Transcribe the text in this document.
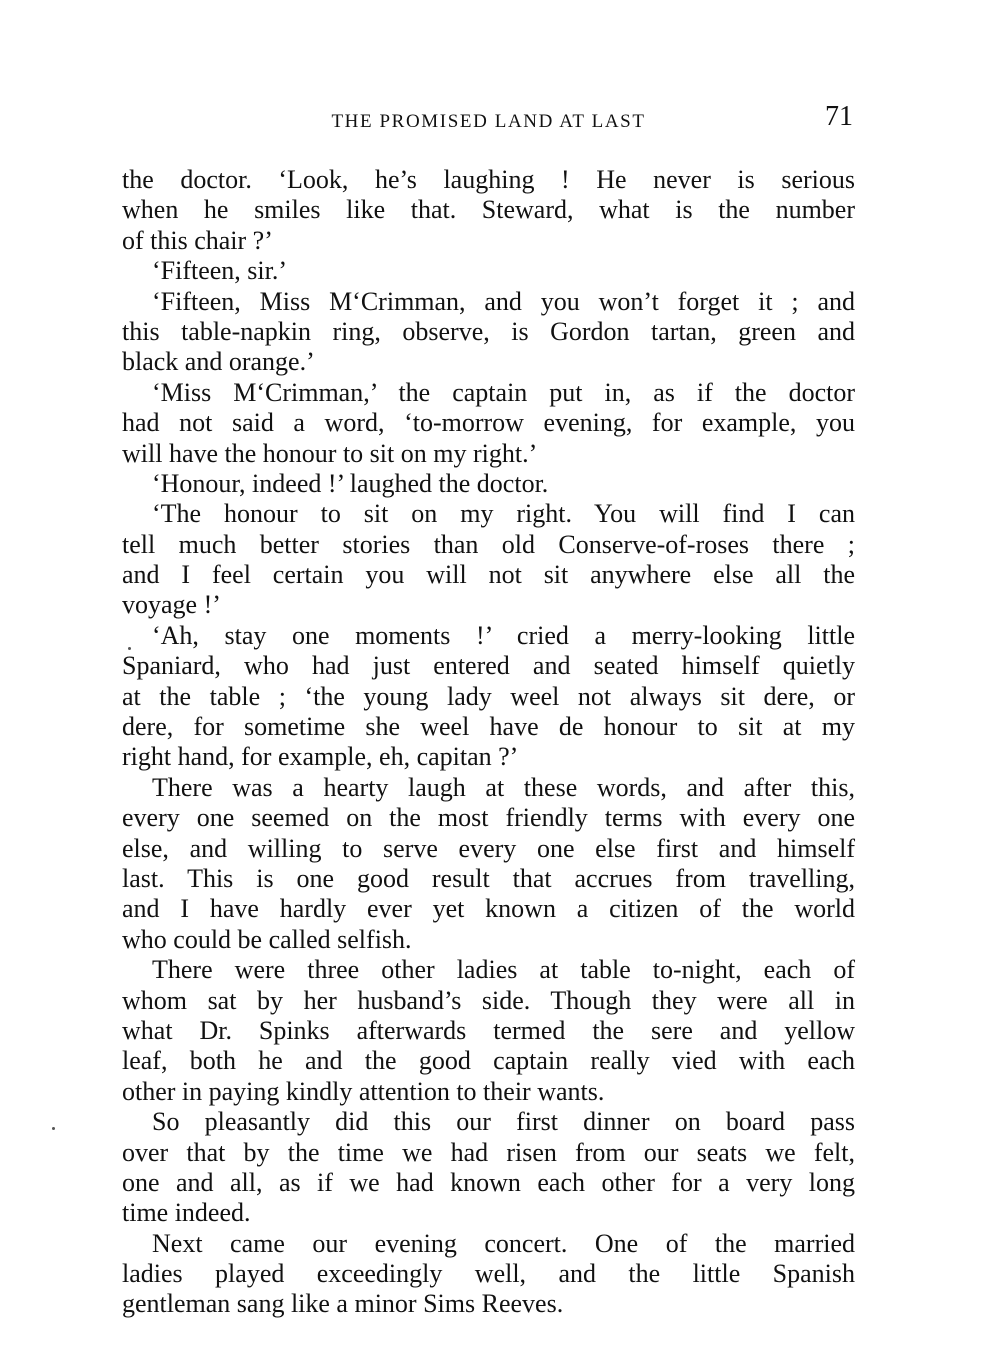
THE PROMISED LAND AT LAST	71
the doctor. ‘Look, he’s laughing ! He never is serious
when he smiles like that. Steward, what is the number
of this chair ?’
‘Fifteen, sir.’
‘Fifteen, Miss M‘Crimman, and you won’t forget it ; and
this table-napkin ring, observe, is Gordon tartan, green and
black and orange.’
‘Miss M‘Crimman,’ the captain put in, as if the doctor
had not said a word, ‘to-morrow evening, for example, you
will have the honour to sit on my right.’
‘Honour, indeed !’ laughed the doctor.
‘The honour to sit on my right. You will find I can
tell much better stories than old Conserve-of-roses there ;
and I feel certain you will not sit anywhere else all the
voyage !’
‘Ah, stay one moments !’ cried a merry-looking little
Spaniard, who had just entered and seated himself quietly
at the table ; ‘the young lady weel not always sit dere, or
dere, for sometime she weel have de honour to sit at my
right hand, for example, eh, capitan ?’
There was a hearty laugh at these words, and after this,
every one seemed on the most friendly terms with every one
else, and willing to serve every one else first and himself
last. This is one good result that accrues from travelling,
and I have hardly ever yet known a citizen of the world
who could be called selfish.
There were three other ladies at table to-night, each of
whom sat by her husband’s side. Though they were all in
what Dr. Spinks afterwards termed the sere and yellow
leaf, both he and the good captain really vied with each
other in paying kindly attention to their wants.
So pleasantly did this our first dinner on board pass
over that by the time we had risen from our seats we felt,
one and all, as if we had known each other for a very long
time indeed.
Next came our evening concert. One of the married
ladies played exceedingly well, and the little Spanish
gentleman sang like a minor Sims Reeves.
